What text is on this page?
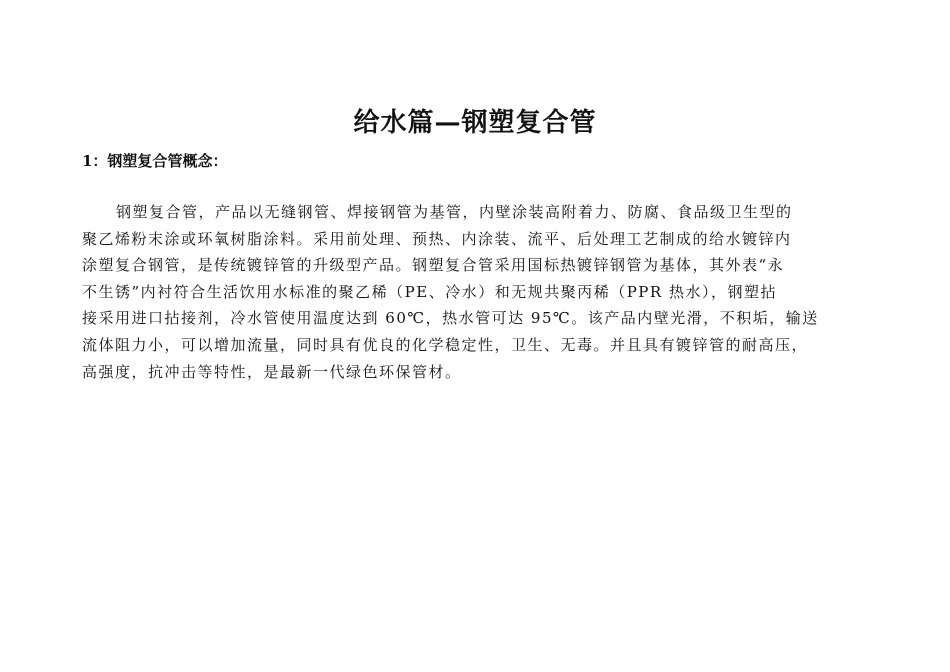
给水篇—钢塑复合管
1：钢塑复合管概念：
钢塑复合管，产品以无缝钢管、焊接钢管为基管，内壁涂装高附着力、防腐、食品级卫生型的
聚乙烯粉末涂或环氧树脂涂料。采用前处理、预热、内涂装、流平、后处理工艺制成的给水镀锌内
涂塑复合钢管，是传统镀锌管的升级型产品。钢塑复合管采用国标热镀锌钢管为基体，其外表“永
不生锈”内衬符合生活饮用水标准的聚乙稀（PE、冷水）和无规共聚丙稀（PPR 热水），钢塑拈
接采用进口拈接剂，冷水管使用温度达到 60℃，热水管可达 95℃。该产品内壁光滑，不积垢，输送
流体阻力小，可以增加流量，同时具有优良的化学稳定性，卫生、无毒。并且具有镀锌管的耐高压，
高强度，抗冲击等特性，是最新一代绿色环保管材。
